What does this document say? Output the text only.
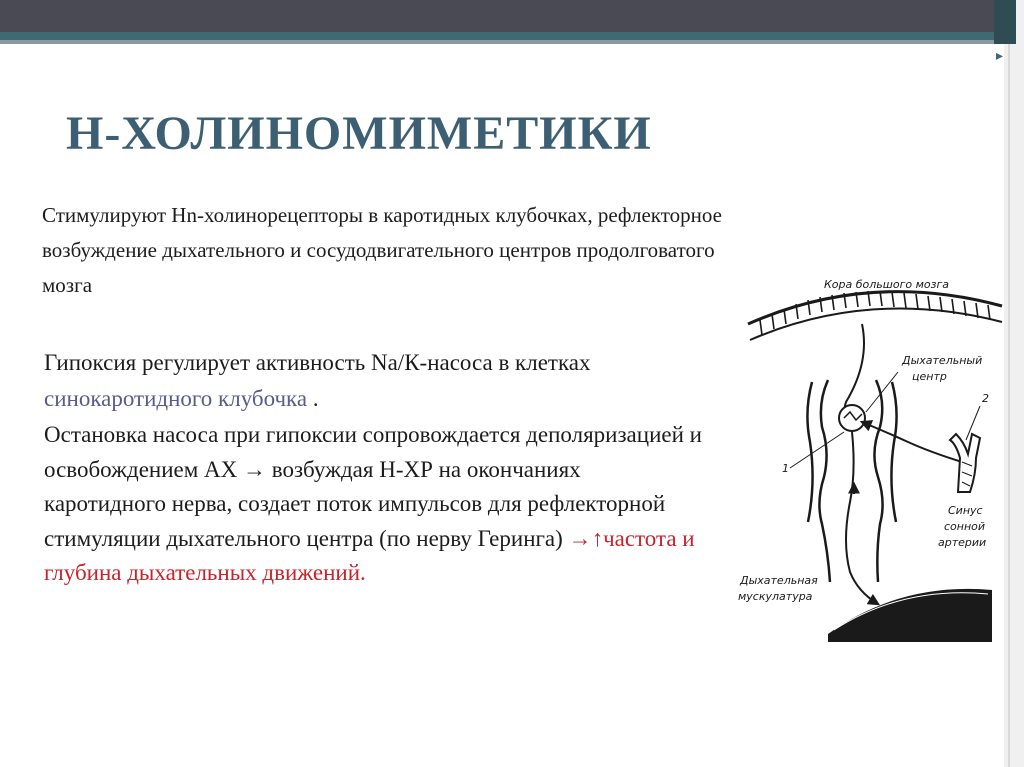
▸
Н-ХОЛИНОМИМЕТИКИ

Стимулируют Нn-холинорецепторы в каротидных клубочках, рефлекторное возбуждение дыхательного и сосудодвигательного центров продолговатого мозга

Гипоксия регулирует активность Na/К-насоса в клетках синокаротидного клубочка .

Остановка насоса при гипоксии сопровождается деполяризацией и освобождением АХ → возбуждая Н-ХР на окончаниях каротидного нерва, создает поток импульсов для рефлекторной стимуляции дыхательного центра (по нерву Геринга) →↑частота и глубина дыхательных движений.

Кора большого мозга
Дыхательный
центр
2
1
Синус
сонной
артерии
Дыхательная
мускулатура
